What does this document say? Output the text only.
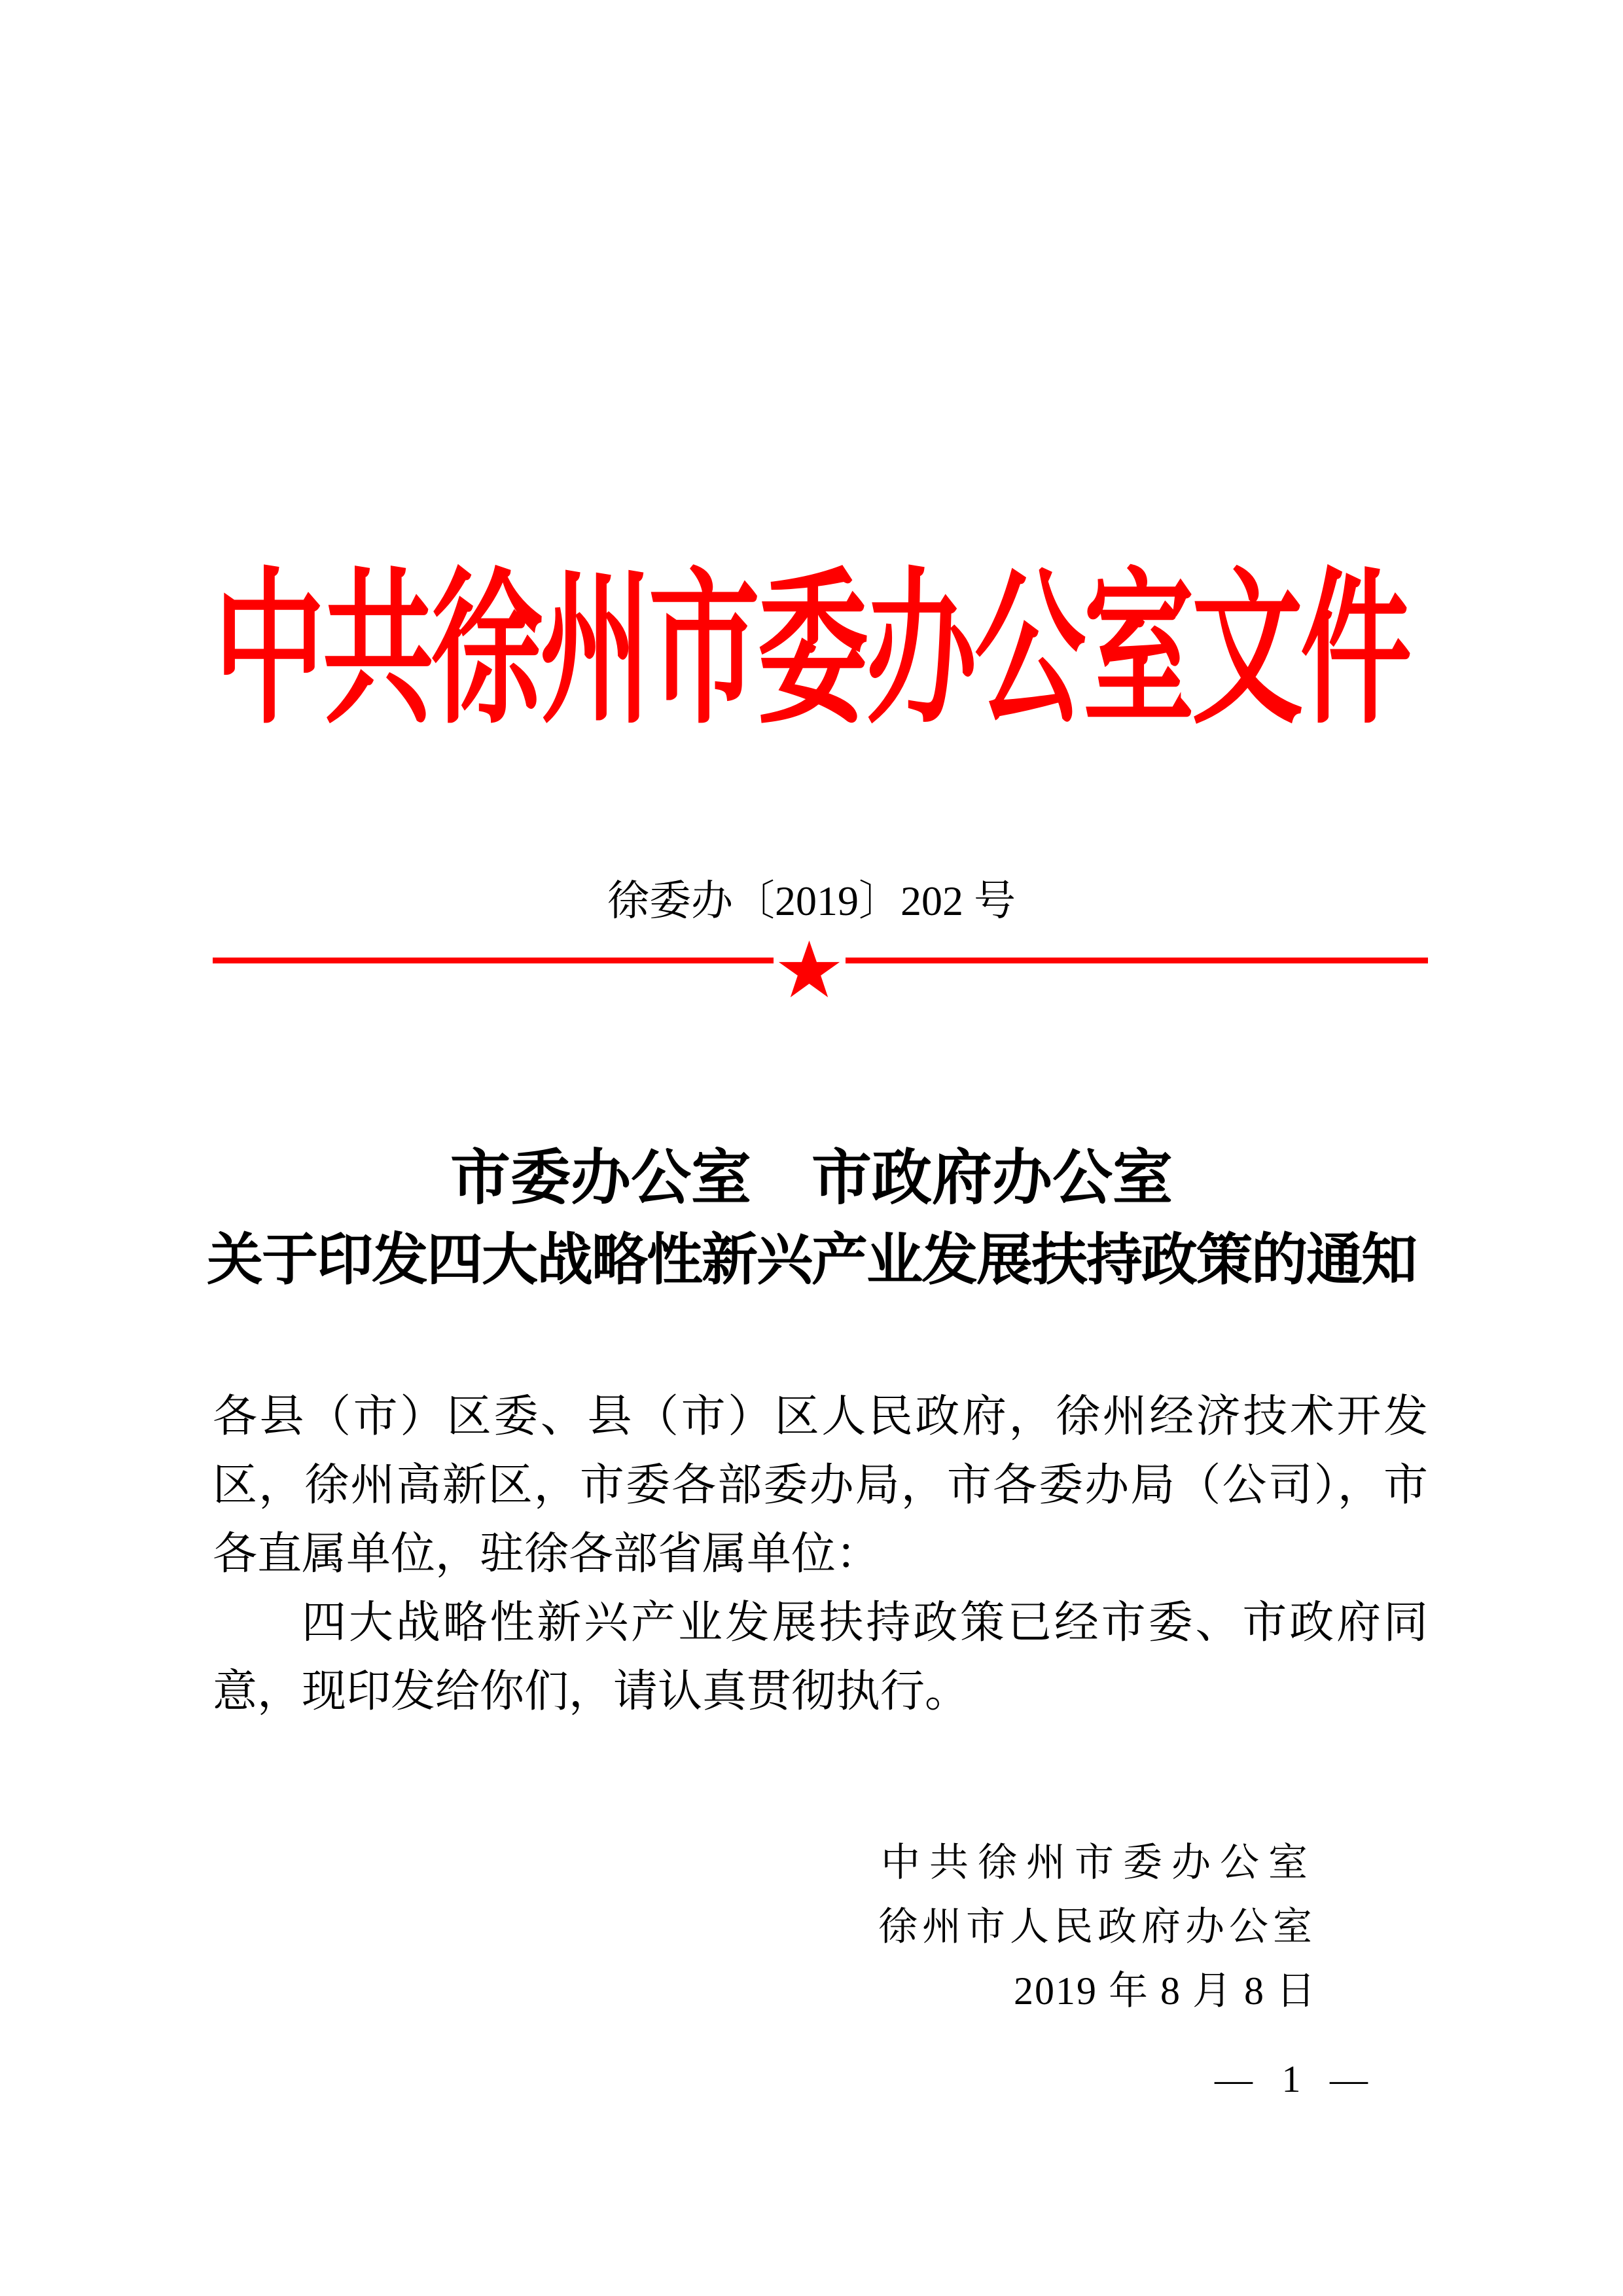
中共徐州市委办公室文件
徐委办〔2019〕202 号
市委办公室　市政府办公室
关于印发四大战略性新兴产业发展扶持政策的通知
各县（市）区委、县（市）区人民政府，徐州经济技术开发
区，徐州高新区，市委各部委办局，市各委办局（公司），市
各直属单位，驻徐各部省属单位：
四大战略性新兴产业发展扶持政策已经市委、市政府同
意，现印发给你们，请认真贯彻执行。
中共徐州市委办公室
徐州市人民政府办公室
2019 年 8 月 8 日
— 1 —
